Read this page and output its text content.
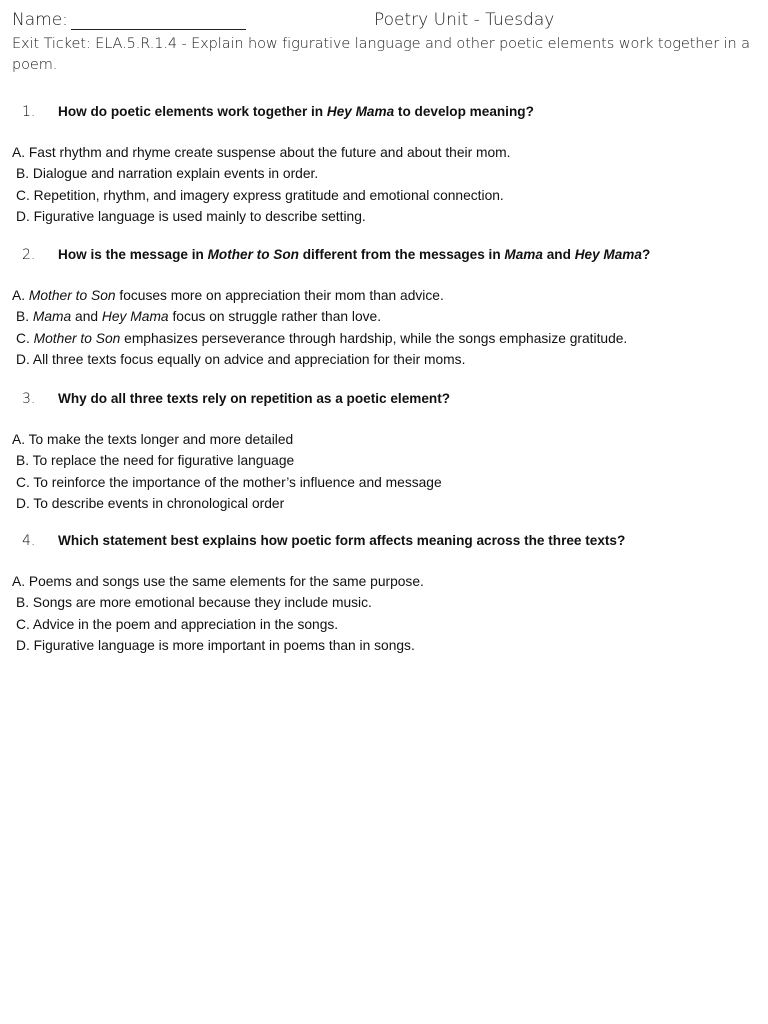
Name:	Poetry Unit - Tuesday
Exit Ticket: ELA.5.R.1.4 - Explain how figurative language and other poetic elements work together in a poem.
1. How do poetic elements work together in Hey Mama to develop meaning?
A. Fast rhythm and rhyme create suspense about the future and about their mom.
B. Dialogue and narration explain events in order.
C. Repetition, rhythm, and imagery express gratitude and emotional connection.
D. Figurative language is used mainly to describe setting.
2. How is the message in Mother to Son different from the messages in Mama and Hey Mama?
A. Mother to Son focuses more on appreciation their mom than advice.
B. Mama and Hey Mama focus on struggle rather than love.
C. Mother to Son emphasizes perseverance through hardship, while the songs emphasize gratitude.
D. All three texts focus equally on advice and appreciation for their moms.
3. Why do all three texts rely on repetition as a poetic element?
A. To make the texts longer and more detailed
B. To replace the need for figurative language
C. To reinforce the importance of the mother’s influence and message
D. To describe events in chronological order
4. Which statement best explains how poetic form affects meaning across the three texts?
A. Poems and songs use the same elements for the same purpose.
B. Songs are more emotional because they include music.
C. Advice in the poem and appreciation in the songs.
D. Figurative language is more important in poems than in songs.
